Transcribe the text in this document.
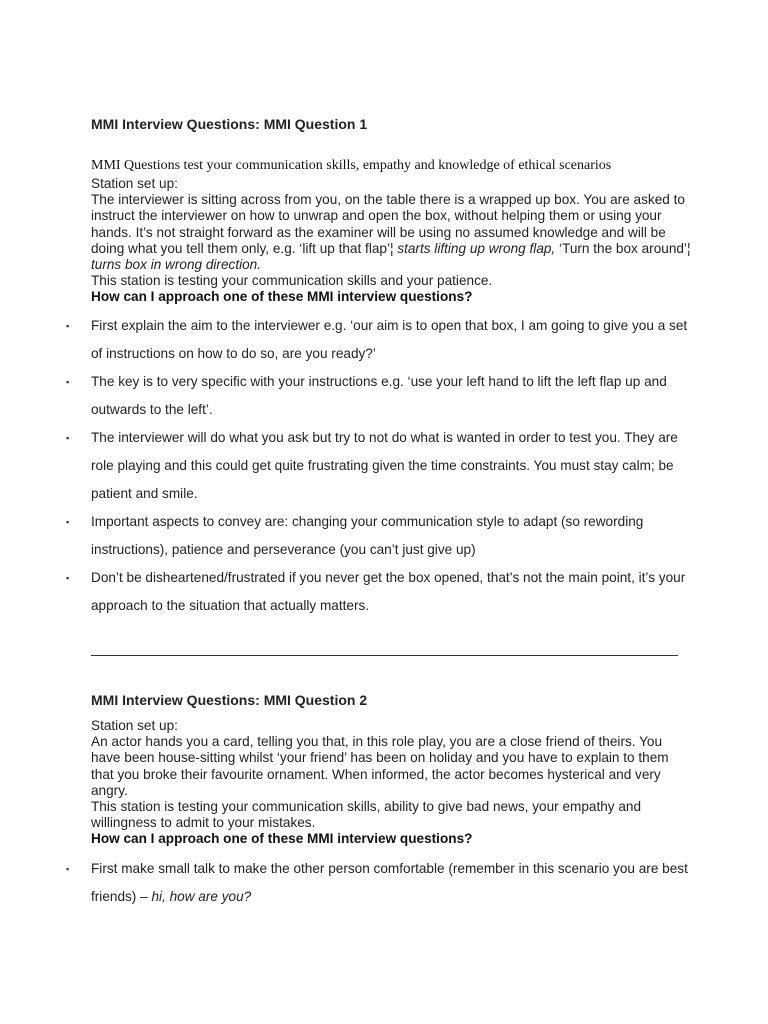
MMI Interview Questions: MMI Question 1
MMI Questions test your communication skills, empathy and knowledge of ethical scenarios
Station set up:
The interviewer is sitting across from you, on the table there is a wrapped up box. You are asked to instruct the interviewer on how to unwrap and open the box, without helping them or using your hands. It’s not straight forward as the examiner will be using no assumed knowledge and will be doing what you tell them only, e.g. ‘lift up that flap’¦ starts lifting up wrong flap, ‘Turn the box around’¦ turns box in wrong direction.
This station is testing your communication skills and your patience.
How can I approach one of these MMI interview questions?
▪ First explain the aim to the interviewer e.g. ‘our aim is to open that box, I am going to give you a set of instructions on how to do so, are you ready?’
▪ The key is to very specific with your instructions e.g. ‘use your left hand to lift the left flap up and outwards to the left’.
▪ The interviewer will do what you ask but try to not do what is wanted in order to test you. They are role playing and this could get quite frustrating given the time constraints. You must stay calm; be patient and smile.
▪ Important aspects to convey are: changing your communication style to adapt (so rewording instructions), patience and perseverance (you can’t just give up)
▪ Don’t be disheartened/frustrated if you never get the box opened, that’s not the main point, it’s your approach to the situation that actually matters.
MMI Interview Questions: MMI Question 2
Station set up:
An actor hands you a card, telling you that, in this role play, you are a close friend of theirs. You have been house-sitting whilst ‘your friend’ has been on holiday and you have to explain to them that you broke their favourite ornament. When informed, the actor becomes hysterical and very angry.
This station is testing your communication skills, ability to give bad news, your empathy and willingness to admit to your mistakes.
How can I approach one of these MMI interview questions?
▪ First make small talk to make the other person comfortable (remember in this scenario you are best friends) – hi, how are you?
